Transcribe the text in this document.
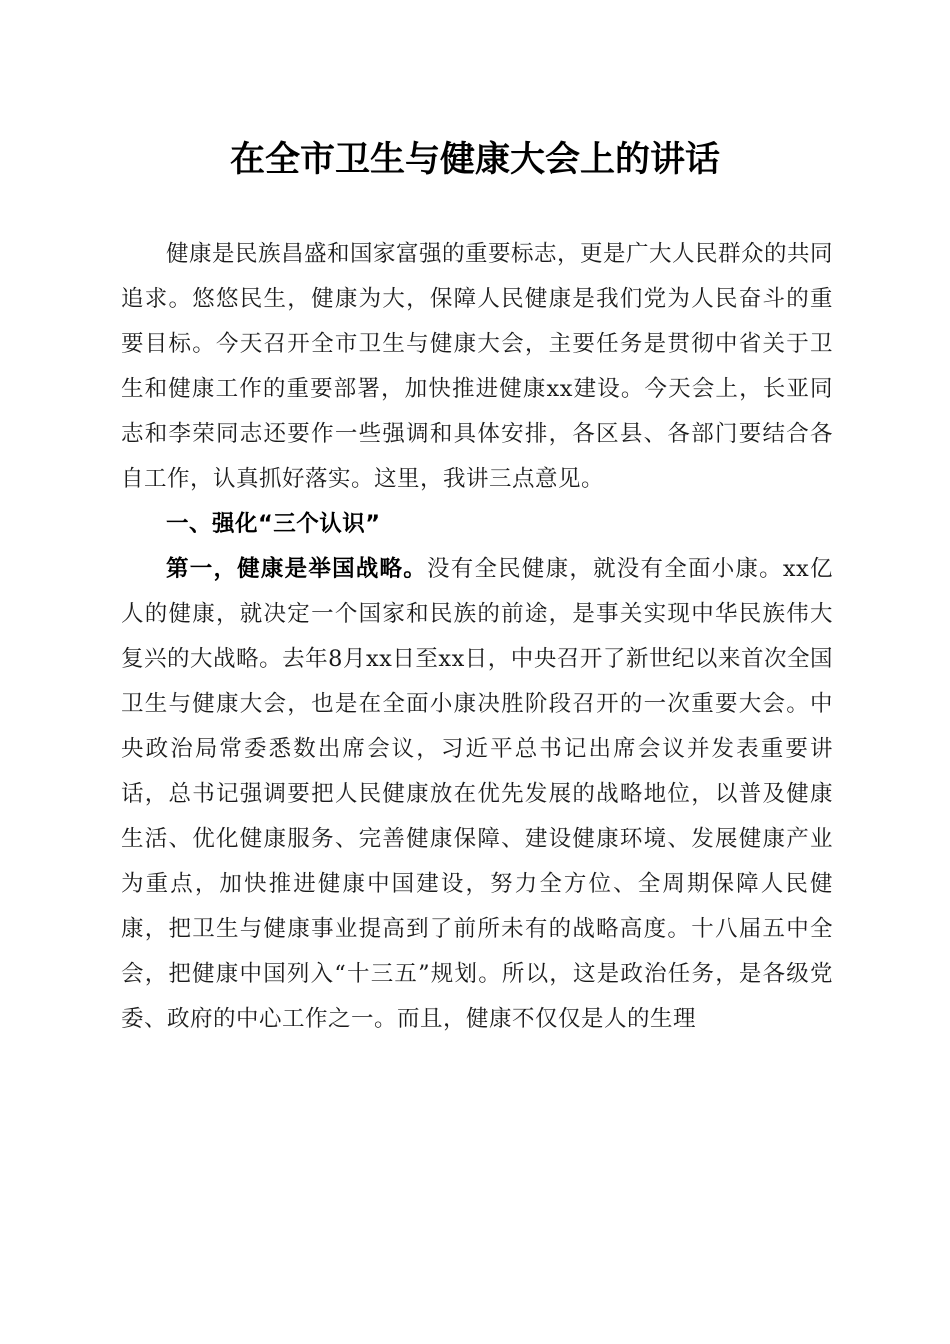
在全市卫生与健康大会上的讲话

健康是民族昌盛和国家富强的重要标志，更是广大人民群众的共同追求。悠悠民生，健康为大，保障人民健康是我们党为人民奋斗的重要目标。今天召开全市卫生与健康大会，主要任务是贯彻中省关于卫生和健康工作的重要部署，加快推进健康xx建设。今天会上，长亚同志和李荣同志还要作一些强调和具体安排，各区县、各部门要结合各自工作，认真抓好落实。这里，我讲三点意见。

一、强化“三个认识”

第一，健康是举国战略。没有全民健康，就没有全面小康。xx亿人的健康，就决定一个国家和民族的前途，是事关实现中华民族伟大复兴的大战略。去年8月xx日至xx日，中央召开了新世纪以来首次全国卫生与健康大会，也是在全面小康决胜阶段召开的一次重要大会。中央政治局常委悉数出席会议，习近平总书记出席会议并发表重要讲话，总书记强调要把人民健康放在优先发展的战略地位，以普及健康生活、优化健康服务、完善健康保障、建设健康环境、发展健康产业为重点，加快推进健康中国建设，努力全方位、全周期保障人民健康，把卫生与健康事业提高到了前所未有的战略高度。十八届五中全会，把健康中国列入“十三五”规划。所以，这是政治任务，是各级党委、政府的中心工作之一。而且，健康不仅仅是人的生理
